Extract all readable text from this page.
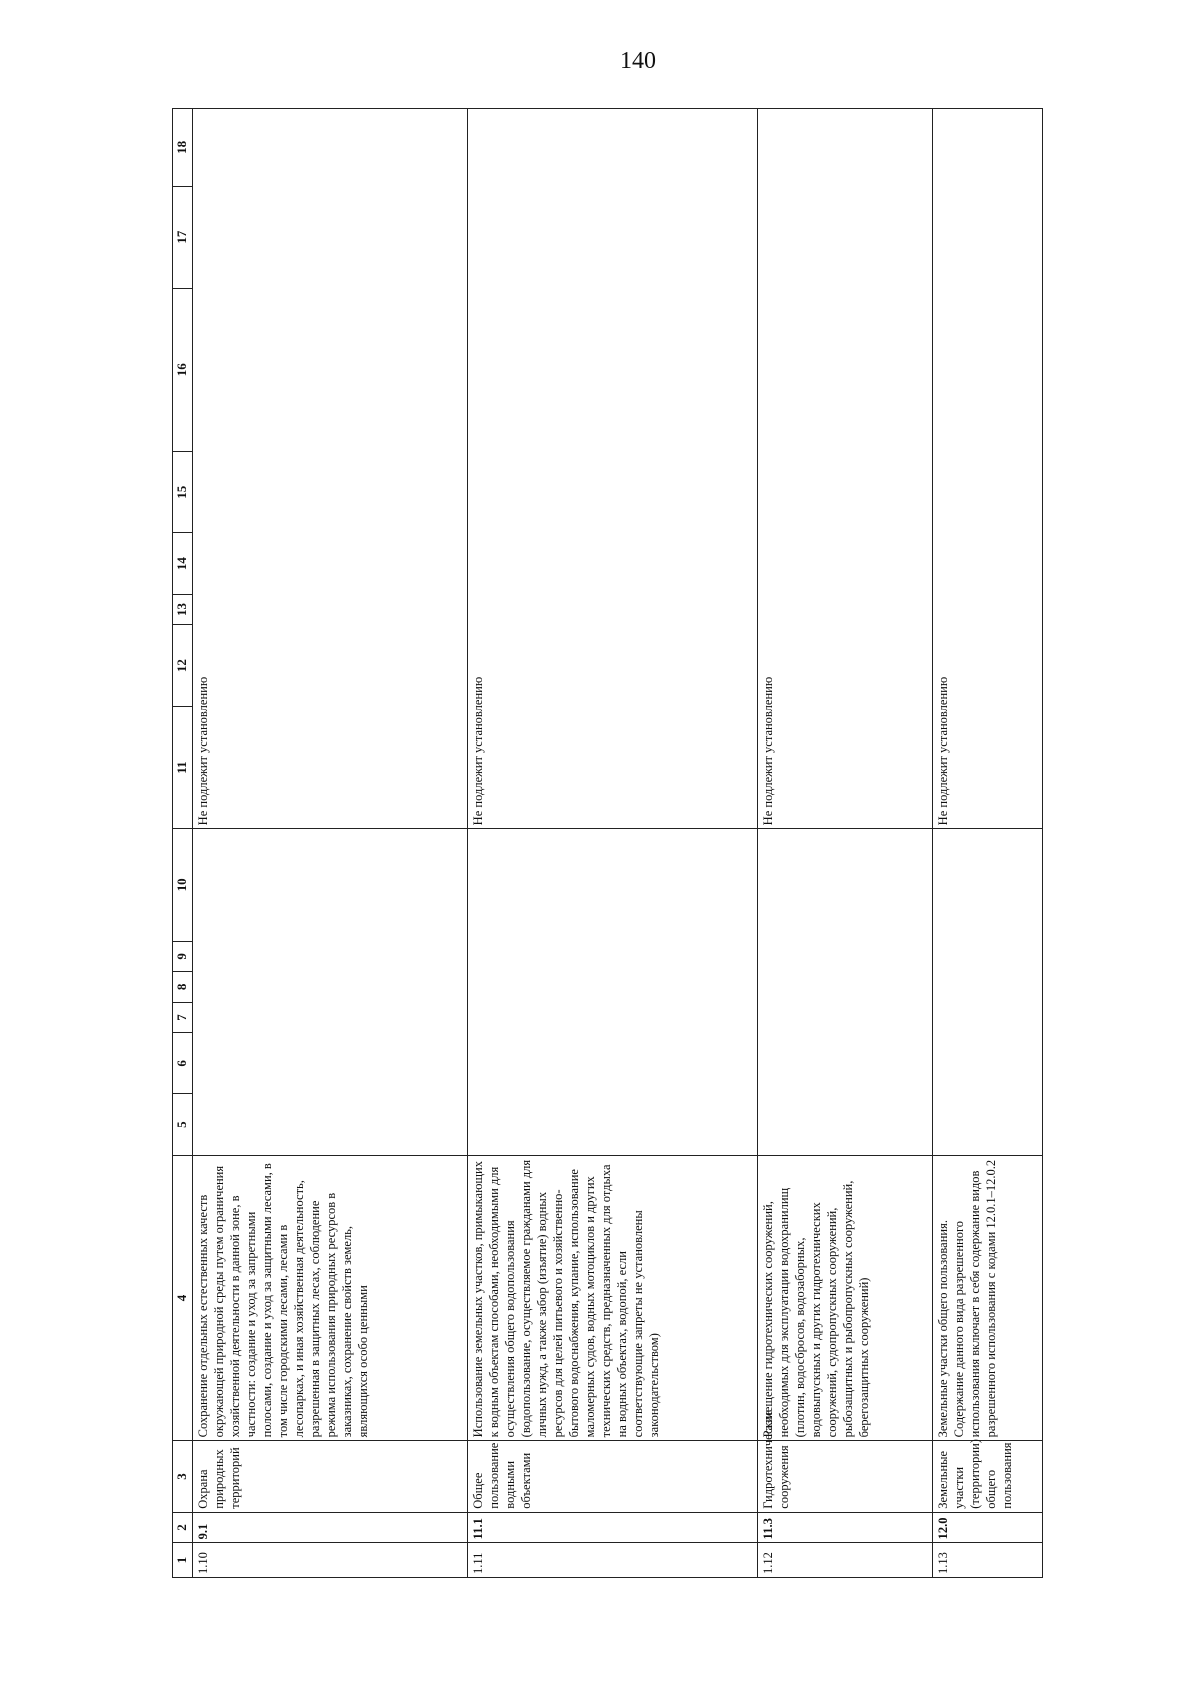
140
1	2	3	4	5	6	7	8	9	10	11	12	13	14	15	16	17	18
1.10	9.1	Охрана природных территорий	Сохранение отдельных естественных качеств окружающей природной среды путем ограничения хозяйственной деятельности в данной зоне, в частности: создание и уход за запретными полосами, создание и уход за защитными лесами, в том числе городскими лесами, лесами в лесопарках, и иная хозяйственная деятельность, разрешенная в защитных лесах, соблюдение режима использования природных ресурсов в заказниках, сохранение свойств земель, являющихся особо ценными							Не подлежит установлению							
1.11	11.1	Общее пользование водными объектами	Использование земельных участков, примыкающих к водным объектам способами, необходимыми для осуществления общего водопользования (водопользование, осуществляемое гражданами для личных нужд, а также забор (изъятие) водных ресурсов для целей питьевого и хозяйственно-бытового водоснабжения, купание, использование маломерных судов, водных мотоциклов и других технических средств, предназначенных для отдыха на водных объектах, водопой, если соответствующие запреты не установлены законодательством)							Не подлежит установлению							
1.12	11.3	Гидротехнические сооружения	Размещение гидротехнических сооружений, необходимых для эксплуатации водохранилищ (плотин, водосбросов, водозаборных, водовыпускных и других гидротехнических сооружений, судопропускных сооружений, рыбозащитных и рыбопропускных сооружений, берегозащитных сооружений)							Не подлежит установлению							
1.13	12.0	Земельные участки (территории) общего пользования	Земельные участки общего пользования. Содержание данного вида разрешенного использования включает в себя содержание видов разрешенного использования с кодами 12.0.1–12.0.2							Не подлежит установлению							
